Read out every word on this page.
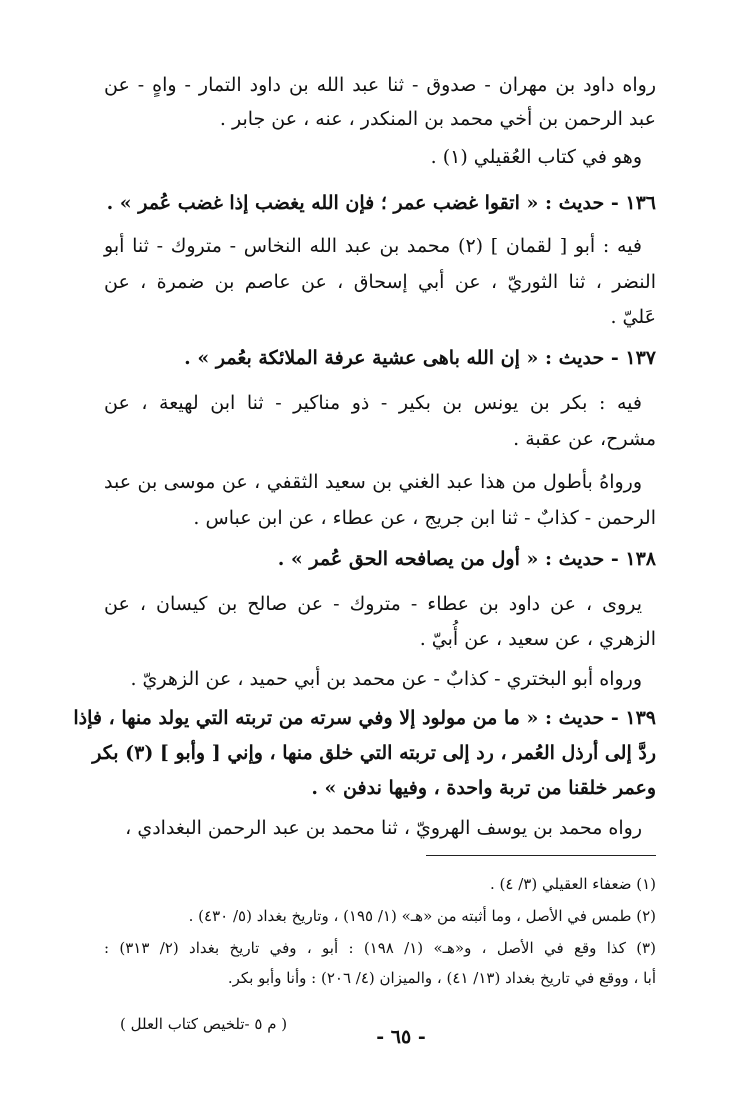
رواه داود بن مهران - صدوق - ثنا عبد الله بن داود التمار - واهٍ - عن
عبد الرحمن بن أخي محمد بن المنكدر ، عنه ، عن جابر .
وهو في كتاب العُقيلي (١) .
١٣٦ - حديث : « اتقوا غضب عمر ؛ فإن الله يغضب إذا غضب عُمر » .
فيه : أبو [ لقمان ] (٢) محمد بن عبد الله النخاس - متروك - ثنا أبو
النضر ، ثنا الثوريّ ، عن أبي إسحاق ، عن عاصم بن ضمرة ، عن
عَليّ .
١٣٧ - حديث : « إن الله باهى عشية عرفة الملائكة بعُمر » .
فيه : بكر بن يونس بن بكير - ذو مناكير - ثنا ابن لهيعة ، عن
مشرح، عن عقبة .
ورواهُ بأطول من هذا عبد الغني بن سعيد الثقفي ، عن موسى بن عبد
الرحمن - كذابٌ - ثنا ابن جريج ، عن عطاء ، عن ابن عباس .
١٣٨ - حديث : « أول من يصافحه الحق عُمر » .
يروى ، عن داود بن عطاء - متروك - عن صالح بن كيسان ، عن
الزهري ، عن سعيد ، عن أُبيّ .
ورواه أبو البختري - كذابٌ - عن محمد بن أبي حميد ، عن الزهريّ .
١٣٩ - حديث : « ما من مولود إلا وفي سرته من تربته التي يولد منها ، فإذا
ردَّ إلى أرذل العُمر ، رد إلى تربته التي خلق منها ، وإني [ وأبو ] (٣) بكر
وعمر خلقنا من تربة واحدة ، وفيها ندفن » .
رواه محمد بن يوسف الهرويّ ، ثنا محمد بن عبد الرحمن البغدادي ،
(١) ضعفاء العقيلي (٣/ ٤) .
(٢) طمس في الأصل ، وما أثبته من «هـ» (١/ ١٩٥) ، وتاريخ بغداد (٥/ ٤٣٠) .
(٣) كذا وقع في الأصل ، و«هـ» (١/ ١٩٨) : أبو ، وفي تاريخ بغداد (٢/ ٣١٣) :
أبا ، ووقع في تاريخ بغداد (١٣/ ٤١) ، والميزان (٤/ ٢٠٦) : وأنا وأبو بكر.
( م ٥ -تلخيص كتاب العلل )
- ٦٥ -
